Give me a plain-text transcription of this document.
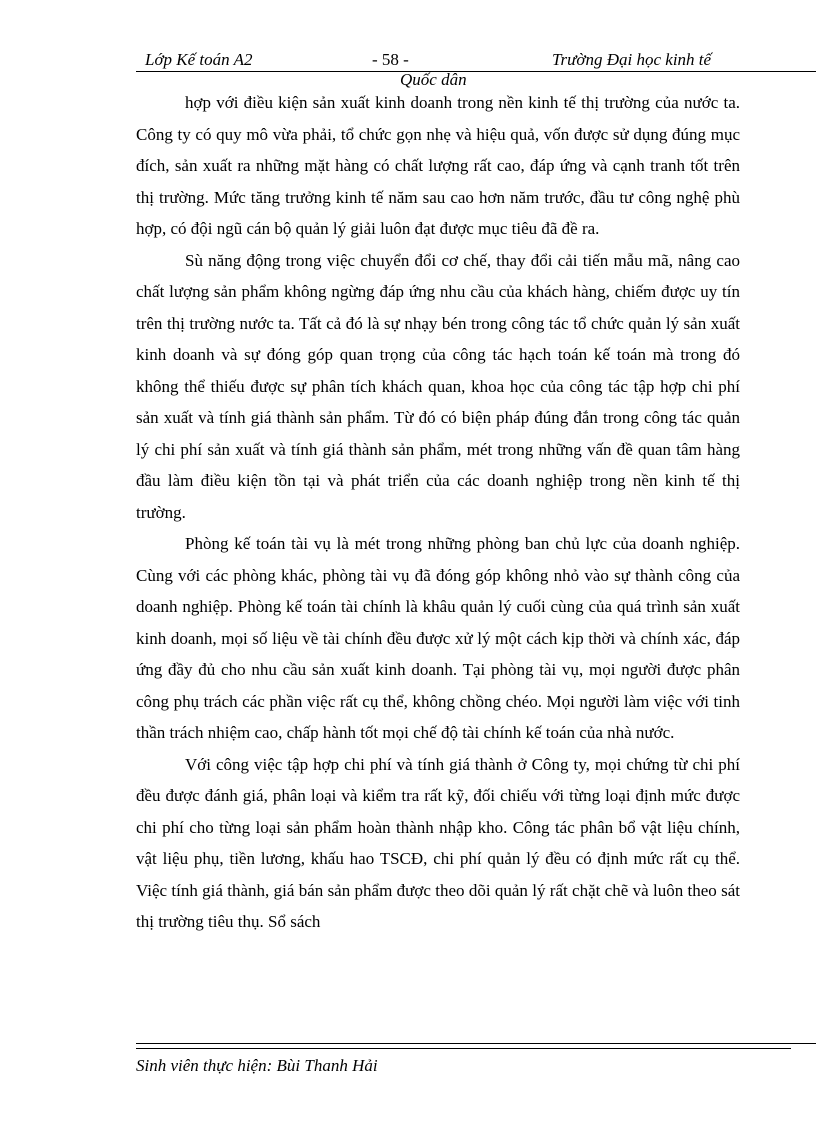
Lớp Kế toán A2	- 58 -	Trường Đại học kinh tế
Quốc dân

hợp với điều kiện sản xuất kinh doanh trong nền kinh tế thị trường của nước ta. Công ty có quy mô vừa phải, tổ chức gọn nhẹ và hiệu quả, vốn được sử dụng đúng mục đích, sản xuất ra những mặt hàng có chất lượng rất cao, đáp ứng và cạnh tranh tốt trên thị trường. Mức tăng trưởng kinh tế năm sau cao hơn năm trước, đầu tư công nghệ phù hợp, có đội ngũ cán bộ quản lý giải luôn đạt được mục tiêu đã đề ra.

Sù năng động trong việc chuyển đổi cơ chế, thay đổi cải tiến mẫu mã, nâng cao chất lượng sản phẩm không ngừng đáp ứng nhu cầu của khách hàng, chiếm được uy tín trên thị trường nước ta. Tất cả đó là sự nhạy bén trong công tác tổ chức quản lý sản xuất kinh doanh và sự đóng góp quan trọng của công tác hạch toán kế toán mà trong đó không thể thiếu được sự phân tích khách quan, khoa học của công tác tập hợp chi phí sản xuất và tính giá thành sản phẩm. Từ đó có biện pháp đúng đắn trong công tác quản lý chi phí sản xuất và tính giá thành sản phẩm, mét trong những vấn đề quan tâm hàng đầu làm điều kiện tồn tại và phát triển của các doanh nghiệp trong nền kinh tế thị trường.

Phòng kế toán tài vụ là mét trong những phòng ban chủ lực của doanh nghiệp. Cùng với các phòng khác, phòng tài vụ đã đóng góp không nhỏ vào sự thành công của doanh nghiệp. Phòng kế toán tài chính là khâu quản lý cuối cùng của quá trình sản xuất kinh doanh, mọi số liệu về tài chính đều được xử lý một cách kịp thời và chính xác, đáp ứng đầy đủ cho nhu cầu sản xuất kinh doanh. Tại phòng tài vụ, mọi người được phân công phụ trách các phần việc rất cụ thể, không chồng chéo. Mọi người làm việc với tinh thần trách nhiệm cao, chấp hành tốt mọi chế độ tài chính kế toán của nhà nước.

Với công việc tập hợp chi phí và tính giá thành ở Công ty, mọi chứng từ chi phí đều được đánh giá, phân loại và kiểm tra rất kỹ, đối chiếu với từng loại định mức được chi phí cho từng loại sản phẩm hoàn thành nhập kho. Công tác phân bổ vật liệu chính, vật liệu phụ, tiền lương, khấu hao TSCĐ, chi phí quản lý đều có định mức rất cụ thể. Việc tính giá thành, giá bán sản phẩm được theo dõi quản lý rất chặt chẽ và luôn theo sát thị trường tiêu thụ. Sổ sách

Sinh viên thực hiện: Bùi Thanh Hải
